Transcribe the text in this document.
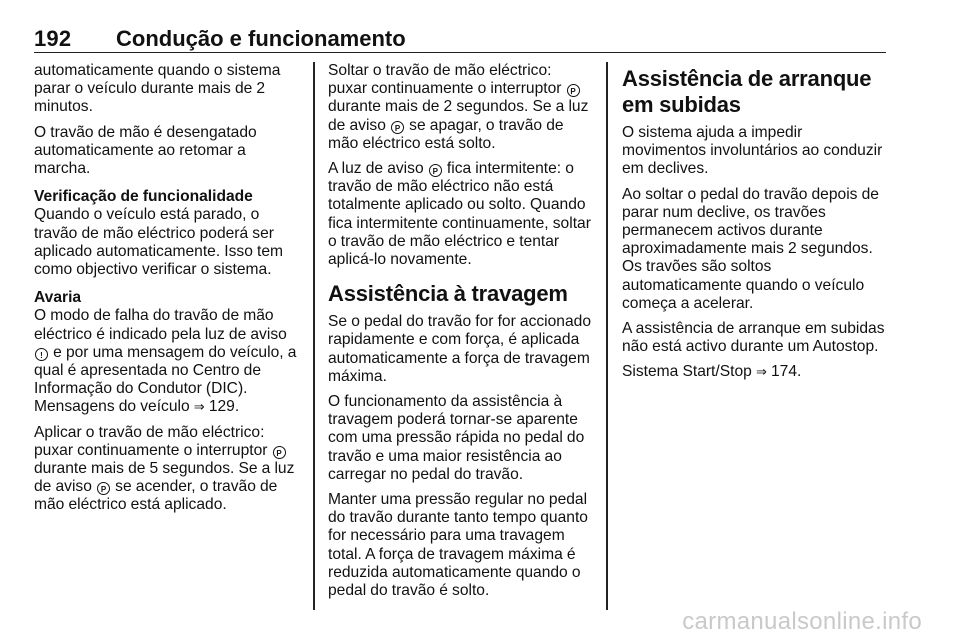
192 Condução e funcionamento

automaticamente quando o sistema parar o veículo durante mais de 2 minutos.

O travão de mão é desengatado automaticamente ao retomar a marcha.

Verificação de funcionalidade

Quando o veículo está parado, o travão de mão eléctrico poderá ser aplicado automaticamente. Isso tem como objectivo verificar o sistema.

Avaria

O modo de falha do travão de mão eléctrico é indicado pela luz de aviso ! e por uma mensagem do veículo, a qual é apresentada no Centro de Informação do Condutor (DIC). Mensagens do veículo ⇒ 129.

Aplicar o travão de mão eléctrico: puxar continuamente o interruptor P durante mais de 5 segundos. Se a luz de aviso P se acender, o travão de mão eléctrico está aplicado.

Soltar o travão de mão eléctrico: puxar continuamente o interruptor P durante mais de 2 segundos. Se a luz de aviso P se apagar, o travão de mão eléctrico está solto.

A luz de aviso P fica intermitente: o travão de mão eléctrico não está totalmente aplicado ou solto. Quando fica intermitente continuamente, soltar o travão de mão eléctrico e tentar aplicá-lo novamente.

Assistência à travagem

Se o pedal do travão for for accionado rapidamente e com força, é aplicada automaticamente a força de travagem máxima.

O funcionamento da assistência à travagem poderá tornar-se aparente com uma pressão rápida no pedal do travão e uma maior resistência ao carregar no pedal do travão.

Manter uma pressão regular no pedal do travão durante tanto tempo quanto for necessário para uma travagem total. A força de travagem máxima é reduzida automaticamente quando o pedal do travão é solto.

Assistência de arranque em subidas

O sistema ajuda a impedir movimentos involuntários ao conduzir em declives.

Ao soltar o pedal do travão depois de parar num declive, os travões permanecem activos durante aproximadamente mais 2 segundos. Os travões são soltos automaticamente quando o veículo começa a acelerar.

A assistência de arranque em subidas não está activo durante um Autostop.

Sistema Start/Stop ⇒ 174.

carmanualsonline.info
